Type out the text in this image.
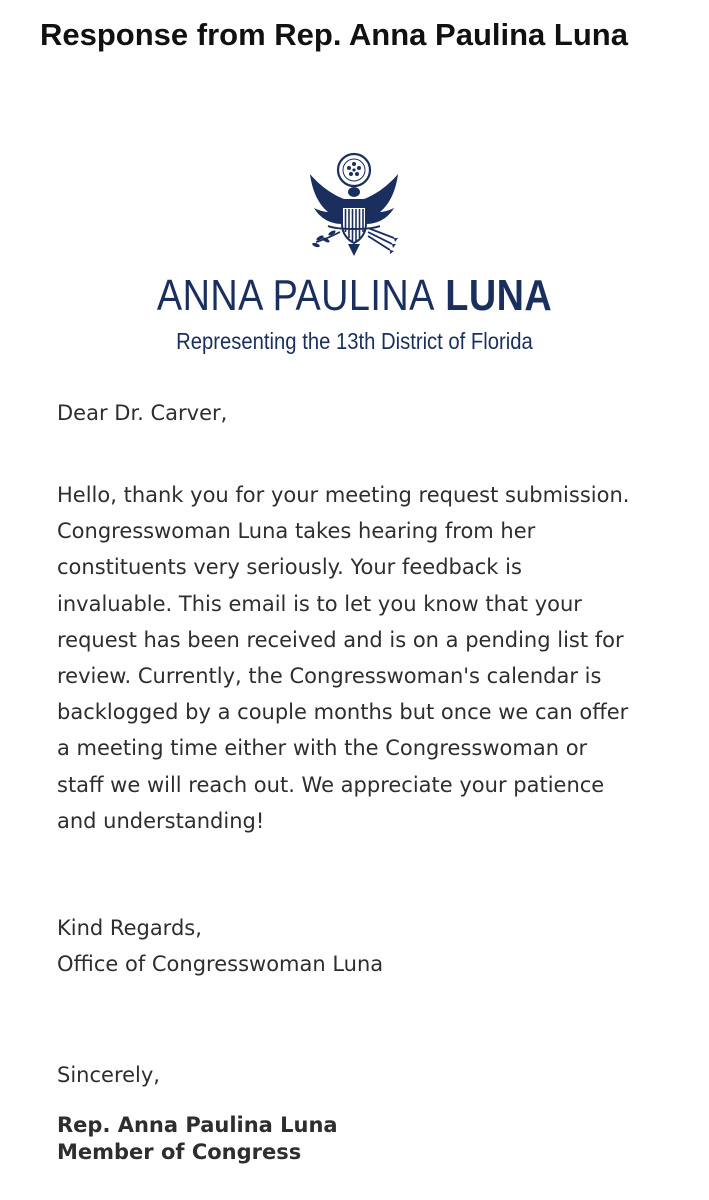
Response from Rep. Anna Paulina Luna
ANNA PAULINA LUNA
Representing the 13th District of Florida

Dear Dr. Carver,

Hello, thank you for your meeting request submission. Congresswoman Luna takes hearing from her constituents very seriously. Your feedback is invaluable. This email is to let you know that your request has been received and is on a pending list for review. Currently, the Congresswoman's calendar is backlogged by a couple months but once we can offer a meeting time either with the Congresswoman or staff we will reach out. We appreciate your patience and understanding!

Kind Regards,
Office of Congresswoman Luna

Sincerely,

Rep. Anna Paulina Luna
Member of Congress
